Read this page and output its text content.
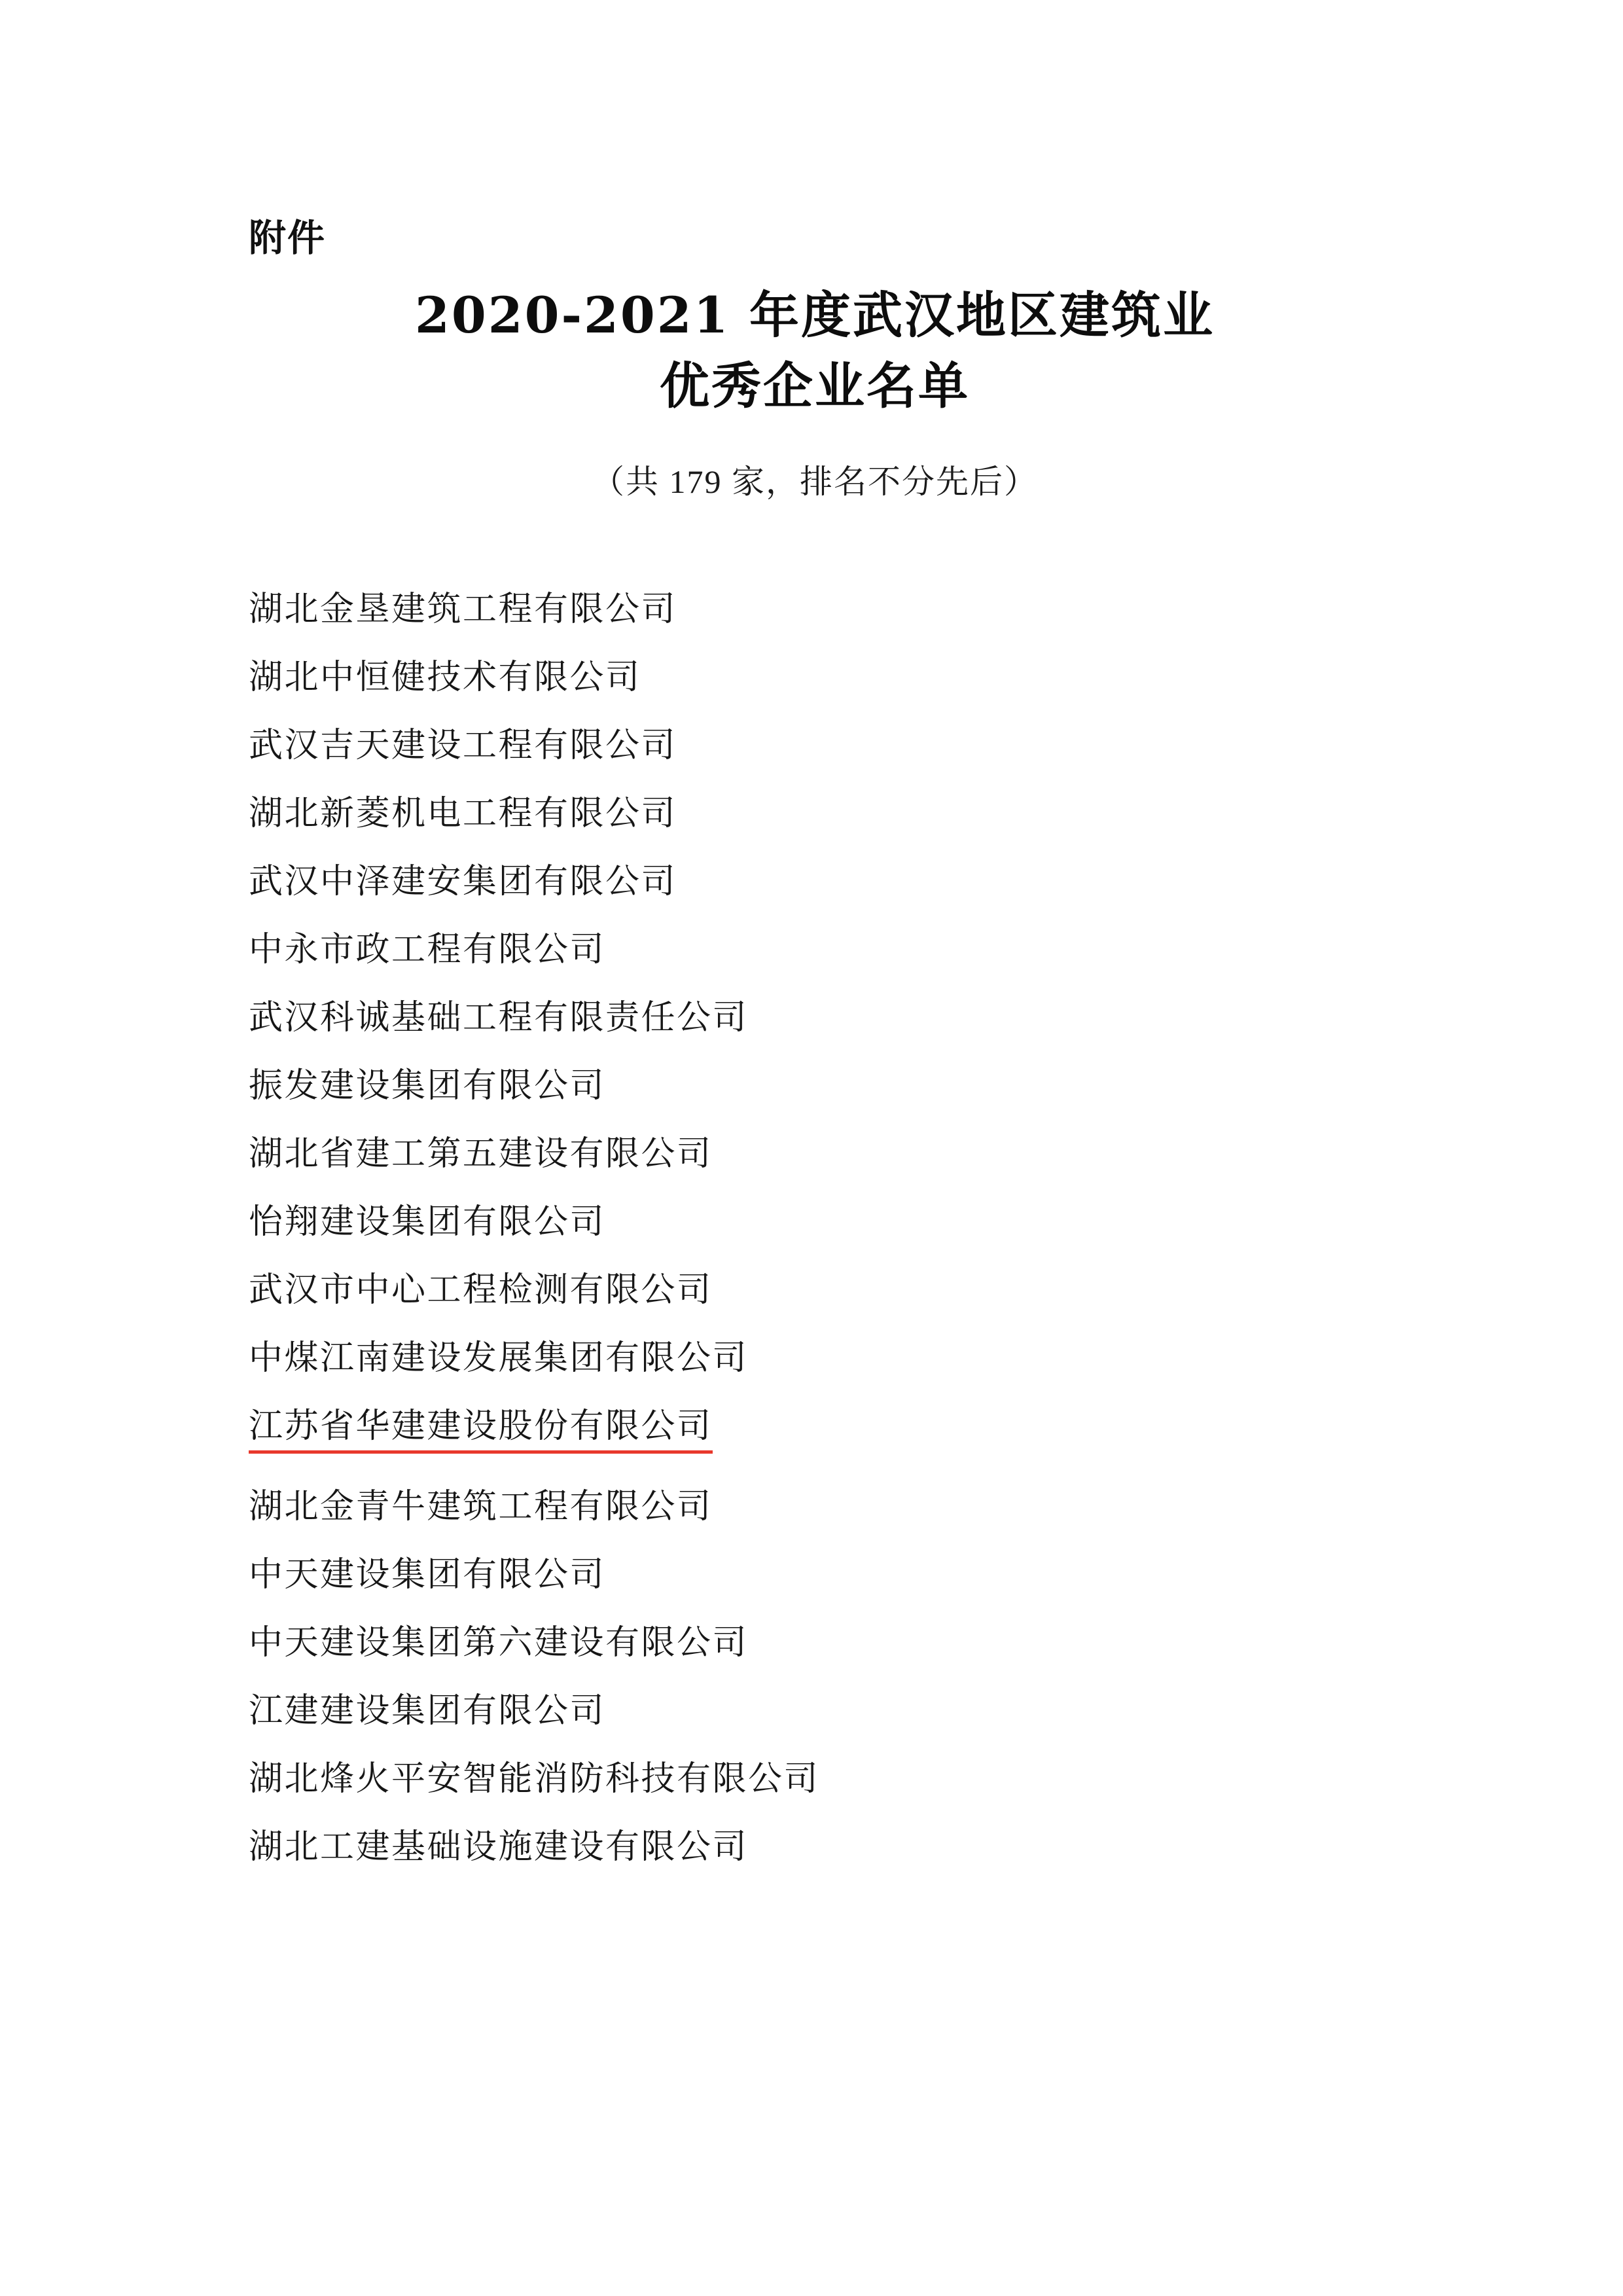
附件
2020-2021 年度武汉地区建筑业
优秀企业名单
（共 179 家，排名不分先后）
湖北金垦建筑工程有限公司
湖北中恒健技术有限公司
武汉吉天建设工程有限公司
湖北新菱机电工程有限公司
武汉中泽建安集团有限公司
中永市政工程有限公司
武汉科诚基础工程有限责任公司
振发建设集团有限公司
湖北省建工第五建设有限公司
怡翔建设集团有限公司
武汉市中心工程检测有限公司
中煤江南建设发展集团有限公司
江苏省华建建设股份有限公司
湖北金青牛建筑工程有限公司
中天建设集团有限公司
中天建设集团第六建设有限公司
江建建设集团有限公司
湖北烽火平安智能消防科技有限公司
湖北工建基础设施建设有限公司
